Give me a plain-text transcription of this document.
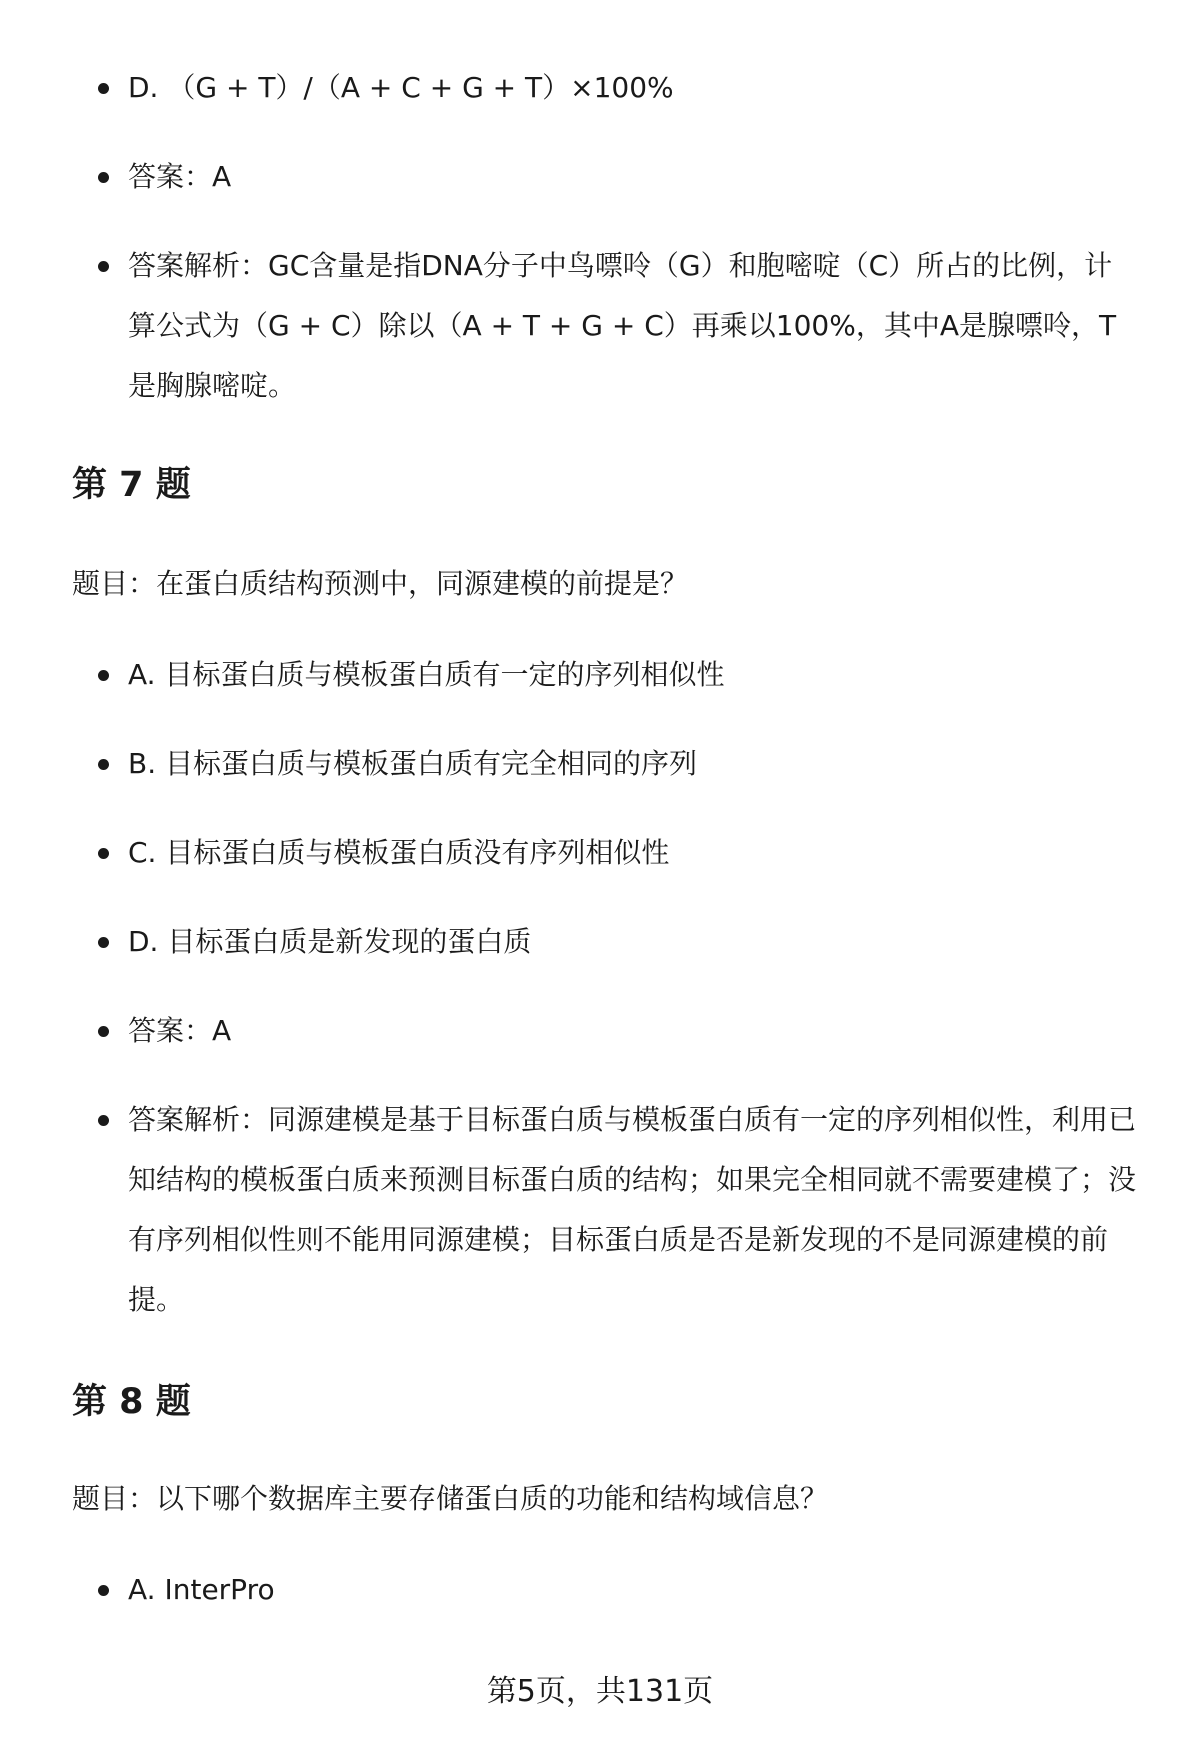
D. （G + T）/（A + C + G + T）×100%
答案：A
答案解析：GC含量是指DNA分子中鸟嘌呤（G）和胞嘧啶（C）所占的比例，计算公式为（G + C）除以（A + T + G + C）再乘以100%，其中A是腺嘌呤，T是胸腺嘧啶。
第 7 题

题目：在蛋白质结构预测中，同源建模的前提是？

A. 目标蛋白质与模板蛋白质有一定的序列相似性
B. 目标蛋白质与模板蛋白质有完全相同的序列
C. 目标蛋白质与模板蛋白质没有序列相似性
D. 目标蛋白质是新发现的蛋白质
答案：A
答案解析：同源建模是基于目标蛋白质与模板蛋白质有一定的序列相似性，利用已知结构的模板蛋白质来预测目标蛋白质的结构；如果完全相同就不需要建模了；没有序列相似性则不能用同源建模；目标蛋白质是否是新发现的不是同源建模的前提。
第 8 题

题目：以下哪个数据库主要存储蛋白质的功能和结构域信息？

A. InterPro
第5页，共131页
